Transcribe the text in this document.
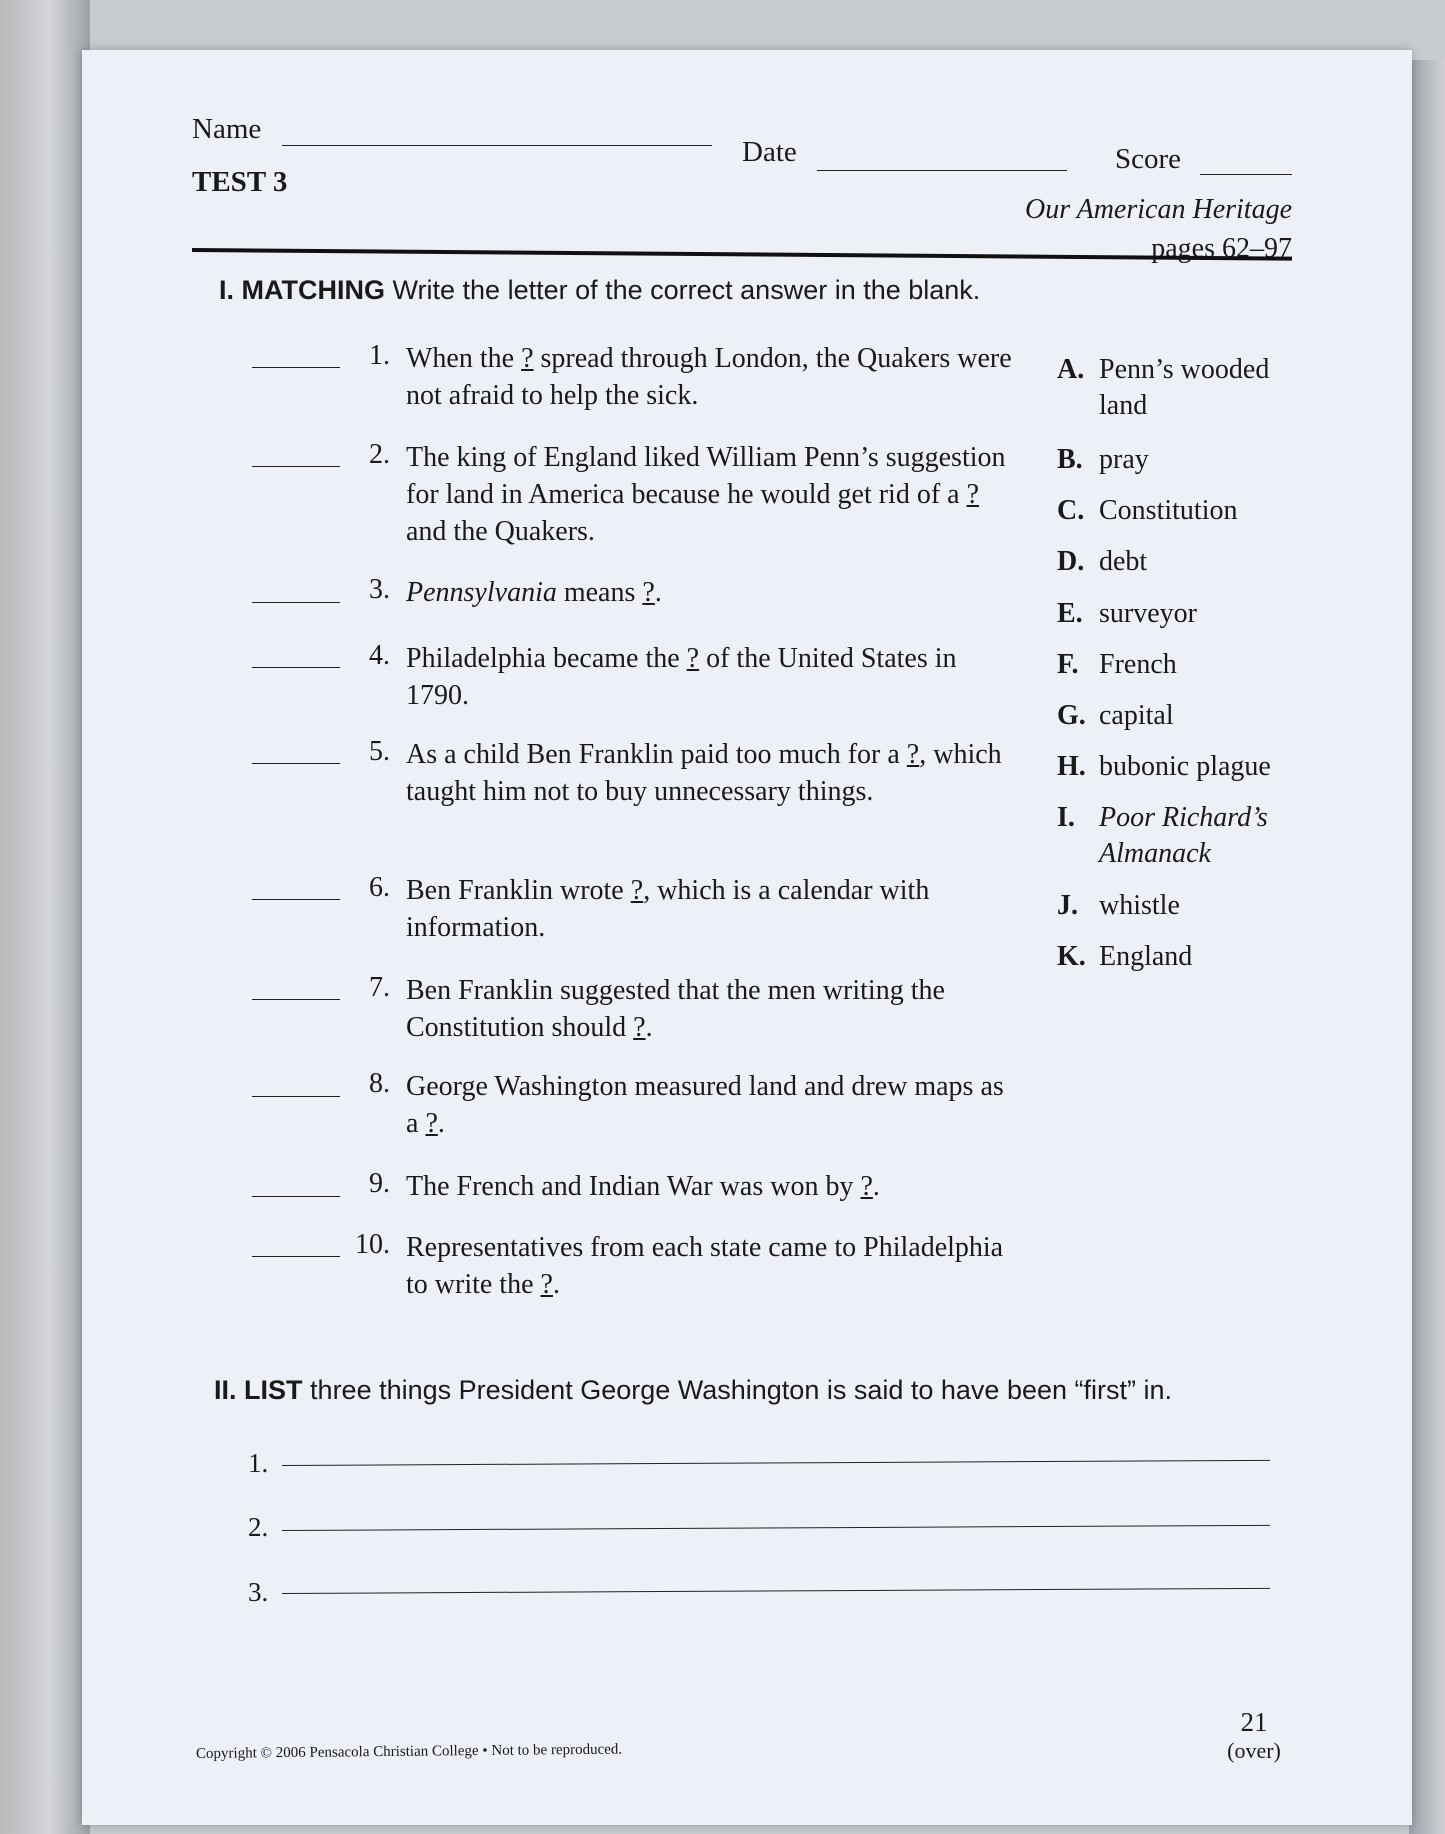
Name
Date	Score
TEST 3
Our American Heritage
pages 62–97
I. MATCHING Write the letter of the correct answer in the blank.
1. When the ? spread through London, the Quakers were not afraid to help the sick.
2. The king of England liked William Penn’s suggestion for land in America because he would get rid of a ? and the Quakers.
3. Pennsylvania means ?.
4. Philadelphia became the ? of the United States in 1790.
5. As a child Ben Franklin paid too much for a ?, which taught him not to buy unnecessary things.
6. Ben Franklin wrote ?, which is a calendar with information.
7. Ben Franklin suggested that the men writing the Constitution should ?.
8. George Washington measured land and drew maps as a ?.
9. The French and Indian War was won by ?.
10. Representatives from each state came to Philadelphia to write the ?.
A. Penn’s wooded land
B. pray
C. Constitution
D. debt
E. surveyor
F. French
G. capital
H. bubonic plague
I. Poor Richard’s Almanack
J. whistle
K. England
II. LIST three things President George Washington is said to have been “first” in.
1.
2.
3.
Copyright © 2006 Pensacola Christian College • Not to be reproduced.
21
(over)
